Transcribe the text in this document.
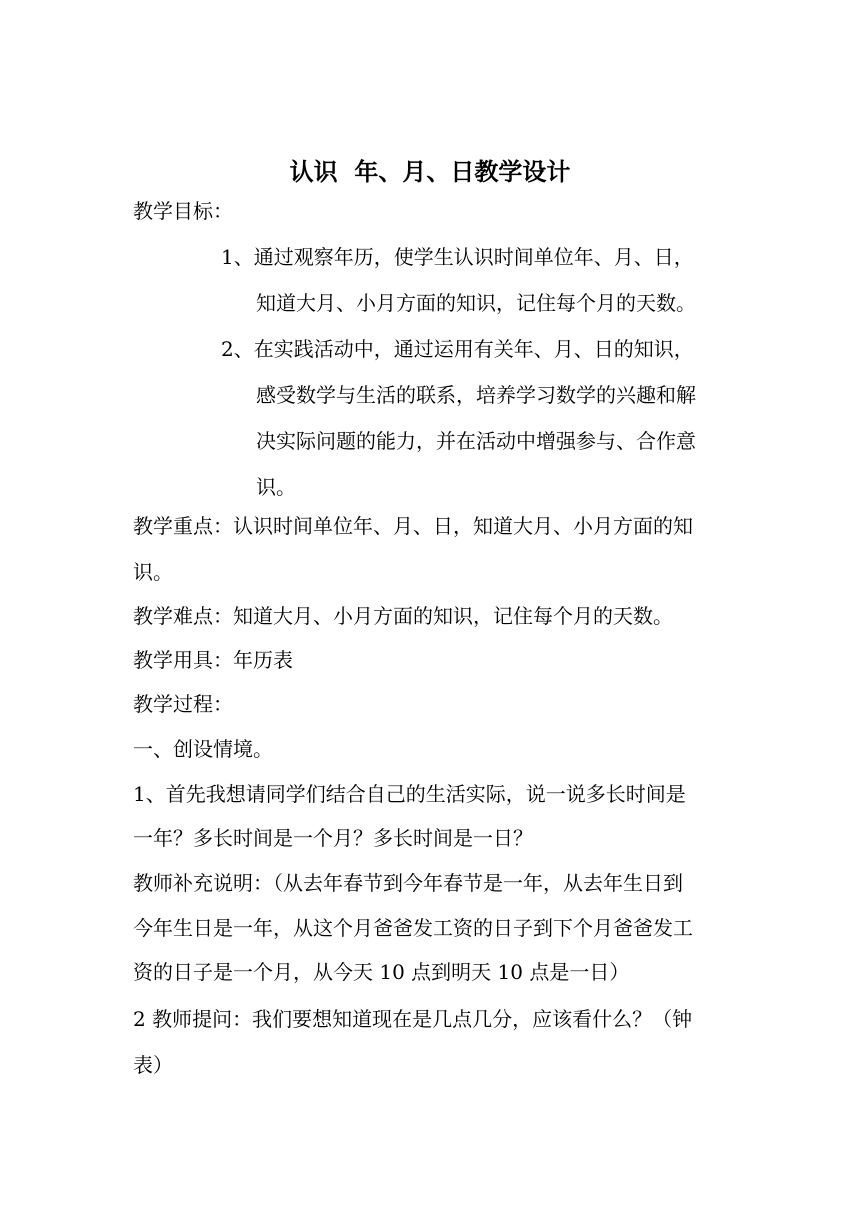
认识  年、月、日教学设计
教学目标：
1、通过观察年历，使学生认识时间单位年、月、日，
知道大月、小月方面的知识，记住每个月的天数。
2、在实践活动中，通过运用有关年、月、日的知识，
感受数学与生活的联系，培养学习数学的兴趣和解
决实际问题的能力，并在活动中增强参与、合作意
识。
教学重点：认识时间单位年、月、日，知道大月、小月方面的知
识。
教学难点：知道大月、小月方面的知识，记住每个月的天数。
教学用具：年历表
教学过程：
一、创设情境。
1、首先我想请同学们结合自己的生活实际，说一说多长时间是
一年？多长时间是一个月？多长时间是一日？
教师补充说明：（从去年春节到今年春节是一年，从去年生日到
今年生日是一年，从这个月爸爸发工资的日子到下个月爸爸发工
资的日子是一个月，从今天 10 点到明天 10 点是一日）
2 教师提问：我们要想知道现在是几点几分，应该看什么？（钟
表）
